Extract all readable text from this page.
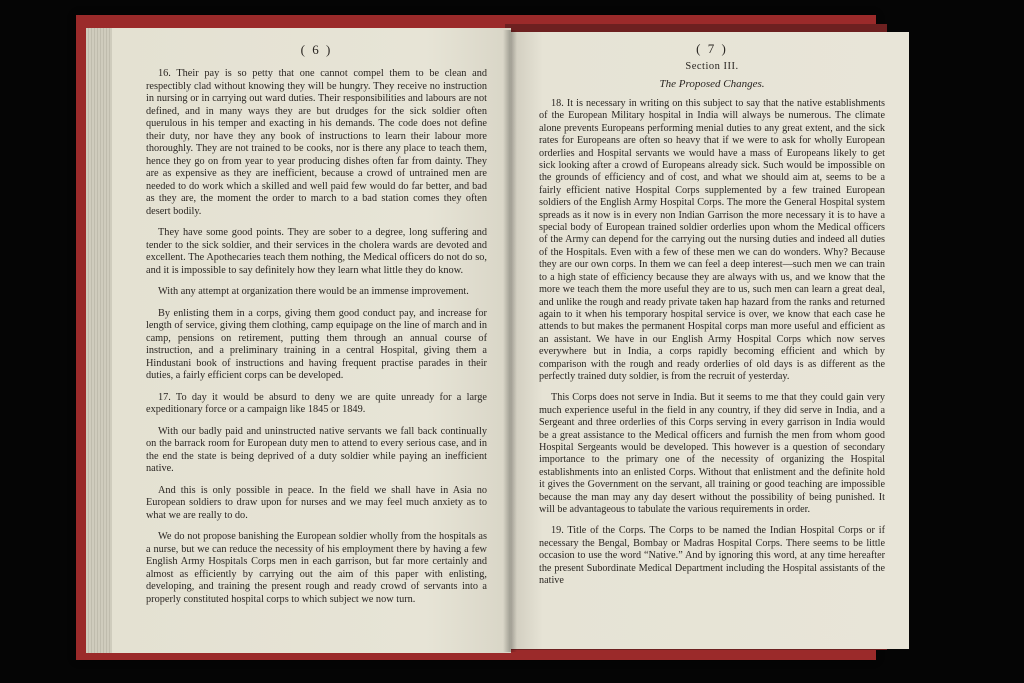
( 6 )

16. Their pay is so petty that one cannot compel them to be clean and respectibly clad without knowing they will be hungry. They receive no instruction in nursing or in carrying out ward duties. Their responsibilities and labours are not defined, and in many ways they are but drudges for the sick soldier often querulous in his temper and exacting in his demands. The code does not define their duty, nor have they any book of instructions to learn their labour more thoroughly. They are not trained to be cooks, nor is there any place to teach them, hence they go on from year to year producing dishes often far from dainty. They are as expensive as they are inefficient, because a crowd of untrained men are needed to do work which a skilled and well paid few would do far better, and bad as they are, the moment the order to march to a bad station comes they often desert bodily.

They have some good points. They are sober to a degree, long suffering and tender to the sick soldier, and their services in the cholera wards are devoted and excellent. The Apothecaries teach them nothing, the Medical officers do not do so, and it is impossible to say definitely how they learn what little they do know.

With any attempt at organization there would be an immense improvement.

By enlisting them in a corps, giving them good conduct pay, and increase for length of service, giving them clothing, camp equipage on the line of march and in camp, pensions on retirement, putting them through an annual course of instruction, and a preliminary training in a central Hospital, giving them a Hindustani book of instructions and having frequent practise parades in their duties, a fairly efficient corps can be developed.

17. To day it would be absurd to deny we are quite unready for a large expeditionary force or a campaign like 1845 or 1849.

With our badly paid and uninstructed native servants we fall back continually on the barrack room for European duty men to attend to every serious case, and in the end the state is being deprived of a duty soldier while paying an inefficient native.

And this is only possible in peace. In the field we shall have in Asia no European soldiers to draw upon for nurses and we may feel much anxiety as to what we are really to do.

We do not propose banishing the European soldier wholly from the hospitals as a nurse, but we can reduce the necessity of his employment there by having a few English Army Hospitals Corps men in each garrison, but far more certainly and almost as efficiently by carrying out the aim of this paper with enlisting, developing, and training the present rough and ready crowd of servants into a properly constituted hospital corps to which subject we now turn.

( 7 )
Section III.
The Proposed Changes.

18. It is necessary in writing on this subject to say that the native establishments of the European Military hospital in India will always be numerous. The climate alone prevents Europeans performing menial duties to any great extent, and the sick rates for Europeans are often so heavy that if we were to ask for wholly European orderlies and Hospital servants we would have a mass of Europeans likely to get sick looking after a crowd of Europeans already sick. Such would be impossible on the grounds of efficiency and of cost, and what we should aim at, seems to be a fairly efficient native Hospital Corps supplemented by a few trained European soldiers of the English Army Hospital Corps. The more the General Hospital system spreads as it now is in every non Indian Garrison the more necessary it is to have a special body of European trained soldier orderlies upon whom the Medical officers of the Army can depend for the carrying out the nursing duties and indeed all duties of the Hospitals. Even with a few of these men we can do wonders. Why? Because they are our own corps. In them we can feel a deep interest—such men we can train to a high state of efficiency because they are always with us, and we know that the more we teach them the more useful they are to us, such men can learn a great deal, and unlike the rough and ready private taken hap hazard from the ranks and returned again to it when his temporary hospital service is over, we know that each case he attends to but makes the permanent Hospital corps man more useful and efficient as an assistant. We have in our English Army Hospital Corps which now serves everywhere but in India, a corps rapidly becoming efficient and which by comparison with the rough and ready orderlies of old days is as different as the perfectly trained duty soldier, is from the recruit of yesterday.

This Corps does not serve in India. But it seems to me that they could gain very much experience useful in the field in any country, if they did serve in India, and a Sergeant and three orderlies of this Corps serving in every garrison in India would be a great assistance to the Medical officers and furnish the men from whom good Hospital Sergeants would be developed. This however is a question of secondary importance to the primary one of the necessity of organizing the Hospital establishments into an enlisted Corps. Without that enlistment and the definite hold it gives the Government on the servant, all training or good teaching are impossible because the man may any day desert without the possibility of being punished. It will be advantageous to tabulate the various requirements in order.

19. Title of the Corps. The Corps to be named the Indian Hospital Corps or if necessary the Bengal, Bombay or Madras Hospital Corps. There seems to be little occasion to use the word “Native.” And by ignoring this word, at any time hereafter the present Subordinate Medical Department including the Hospital assistants of the native
